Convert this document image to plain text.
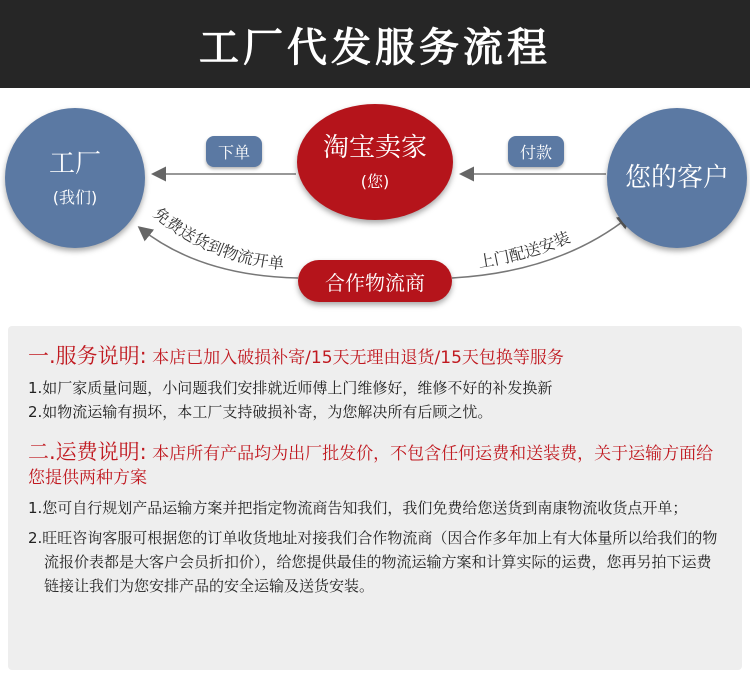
工厂代发服务流程
免费送货到物流开单	上门配送安装
工厂
(我们)
下单	淘宝卖家
(您)
付款
您的客户
合作物流商

一.服务说明: 本店已加入破损补寄/15天无理由退货/15天包换等服务

1.如厂家质量问题，小问题我们安排就近师傅上门维修好，维修不好的补发换新

2.如物流运输有损坏，本工厂支持破损补寄，为您解决所有后顾之忧。

二.运费说明: 本店所有产品均为出厂批发价，不包含任何运费和送装费，关于运输方面给您提供两种方案

1.您可自行规划产品运输方案并把指定物流商告知我们，我们免费给您送货到南康物流收货点开单；

2.旺旺咨询客服可根据您的订单收货地址对接我们合作物流商（因合作多年加上有大体量所以给我们的物流报价表都是大客户会员折扣价），给您提供最佳的物流运输方案和计算实际的运费，您再另拍下运费链接让我们为您安排产品的安全运输及送货安装。
